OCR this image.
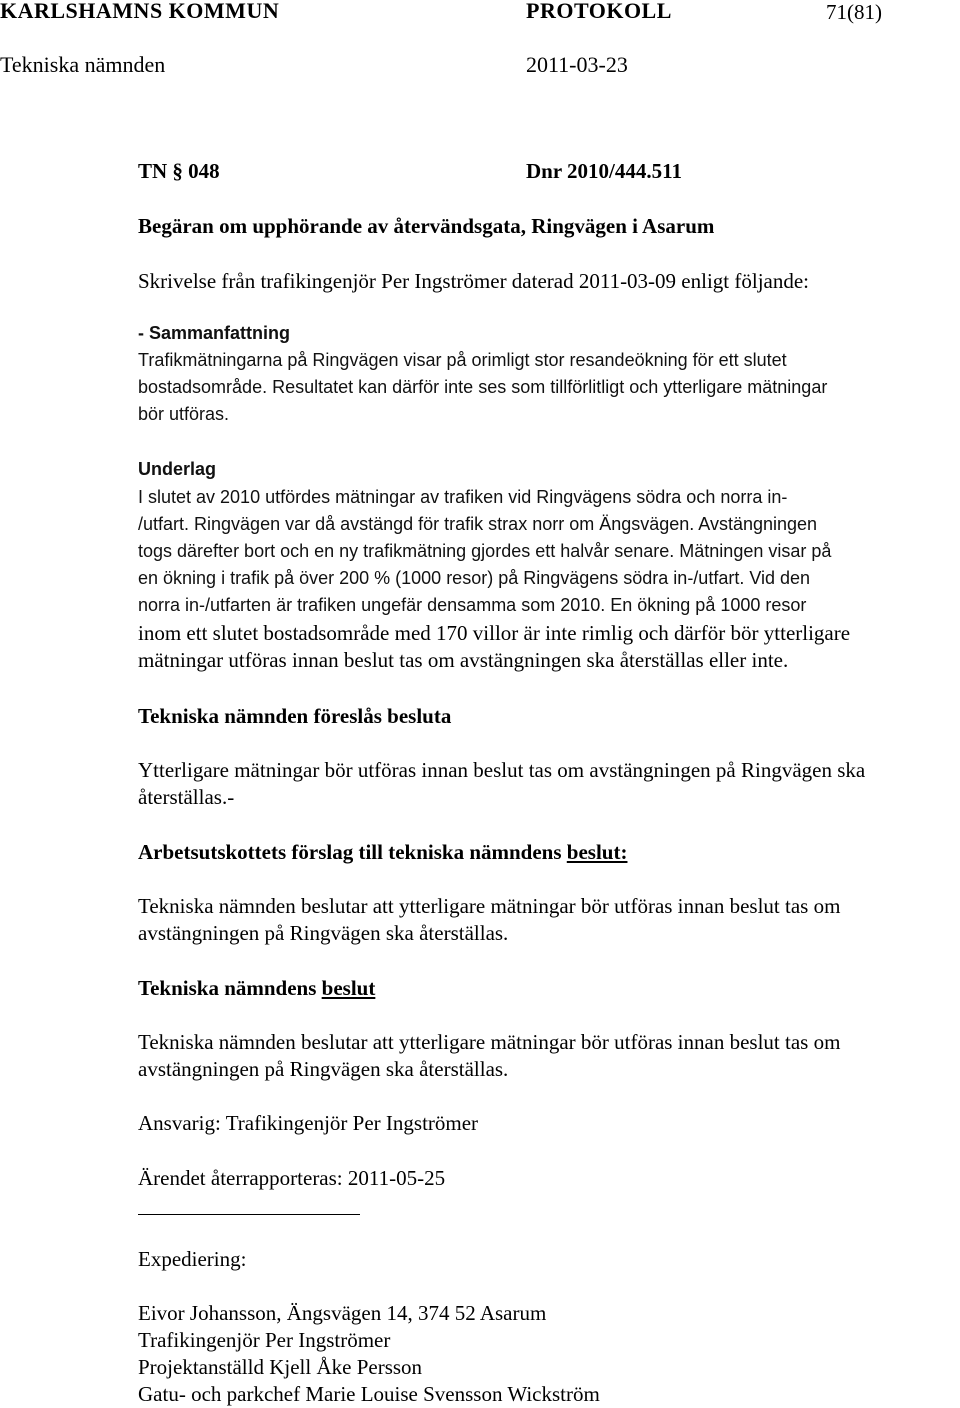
KARLSHAMNS KOMMUN	PROTOKOLL	71(81)
Tekniska nämnden	2011-03-23
TN § 048	Dnr 2010/444.511
Begäran om upphörande av återvändsgata, Ringvägen i Asarum
Skrivelse från trafikingenjör Per Ingströmer daterad 2011-03-09 enligt följande:
- Sammanfattning
Trafikmätningarna på Ringvägen visar på orimligt stor resandeökning för ett slutet
bostadsområde. Resultatet kan därför inte ses som tillförlitligt och ytterligare mätningar
bör utföras.
Underlag
I slutet av 2010 utfördes mätningar av trafiken vid Ringvägens södra och norra in-
/utfart. Ringvägen var då avstängd för trafik strax norr om Ängsvägen. Avstängningen
togs därefter bort och en ny trafikmätning gjordes ett halvår senare. Mätningen visar på
en ökning i trafik på över 200 % (1000 resor) på Ringvägens södra in-/utfart. Vid den
norra in-/utfarten är trafiken ungefär densamma som 2010. En ökning på 1000 resor
inom ett slutet bostadsområde med 170 villor är inte rimlig och därför bör ytterligare
mätningar utföras innan beslut tas om avstängningen ska återställas eller inte.
Tekniska nämnden föreslås besluta
Ytterligare mätningar bör utföras innan beslut tas om avstängningen på Ringvägen ska
återställas.-
Arbetsutskottets förslag till tekniska nämndens beslut:
Tekniska nämnden beslutar att ytterligare mätningar bör utföras innan beslut tas om
avstängningen på Ringvägen ska återställas.
Tekniska nämndens beslut
Tekniska nämnden beslutar att ytterligare mätningar bör utföras innan beslut tas om
avstängningen på Ringvägen ska återställas.
Ansvarig: Trafikingenjör Per Ingströmer
Ärendet återrapporteras: 2011-05-25
Expediering:
Eivor Johansson, Ängsvägen 14, 374 52 Asarum
Trafikingenjör Per Ingströmer
Projektanställd Kjell Åke Persson
Gatu- och parkchef Marie Louise Svensson Wickström
